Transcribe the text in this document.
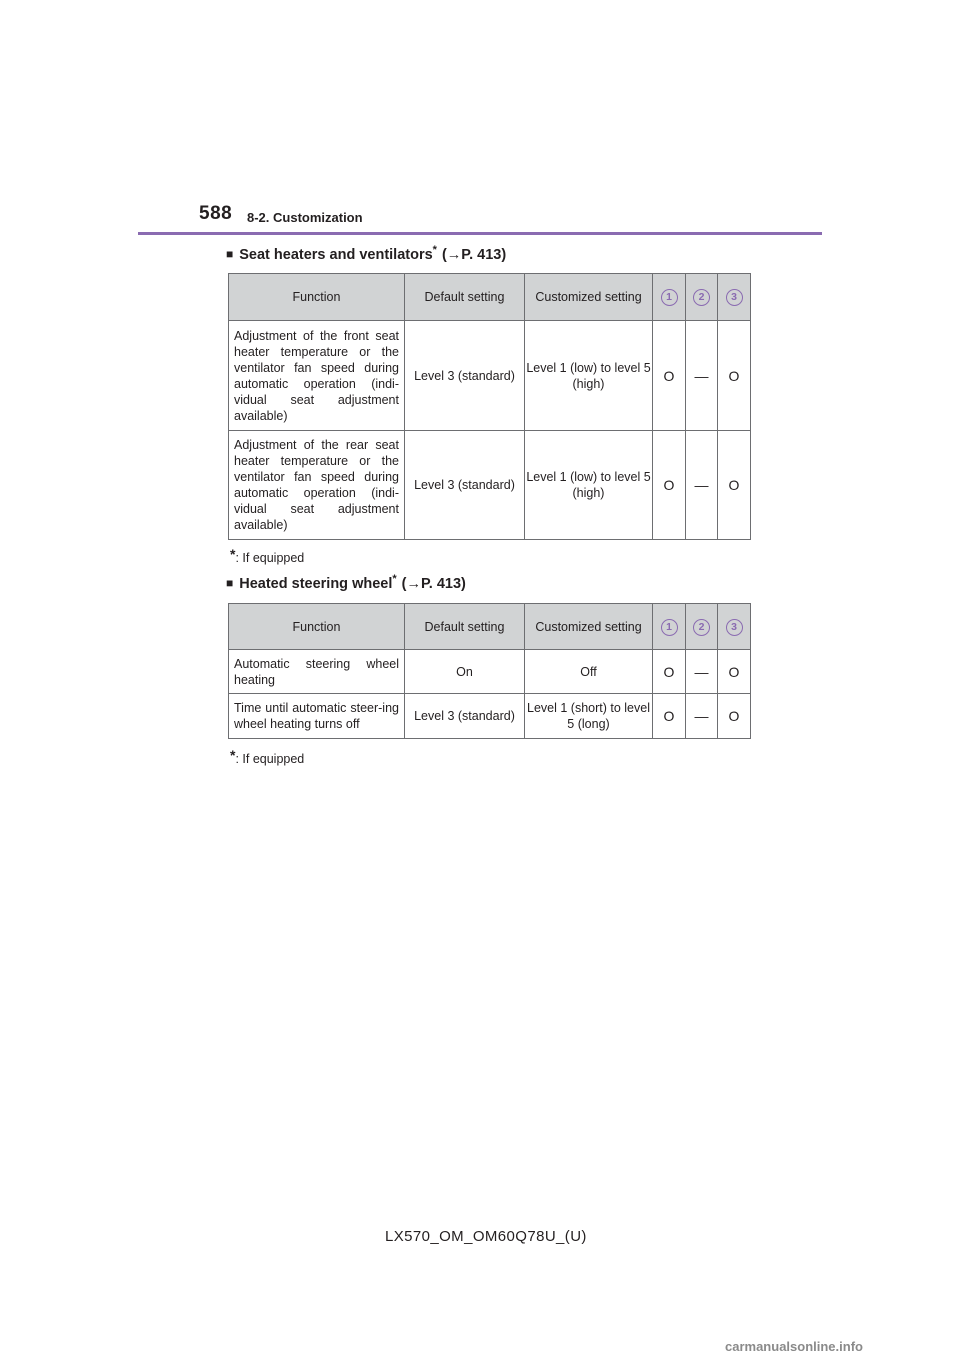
588 8-2. Customization
■ Seat heaters and ventilators* (→P. 413)
Function	Default setting	Customized setting	1	2	3
Adjustment of the front seat heater temperature or the ventilator fan speed during automatic operation (indi-vidual seat adjustment available)	Level 3 (standard)	Level 1 (low) to level 5 (high)	O	—	O
Adjustment of the rear seat heater temperature or the ventilator fan speed during automatic operation (indi-vidual seat adjustment available)	Level 3 (standard)	Level 1 (low) to level 5 (high)	O	—	O
*: If equipped
■ Heated steering wheel* (→P. 413)
Function	Default setting	Customized setting	1	2	3
Automatic steering wheel heating	On	Off	O	—	O
Time until automatic steer-ing wheel heating turns off	Level 3 (standard)	Level 1 (short) to level 5 (long)	O	—	O
*: If equipped
LX570_OM_OM60Q78U_(U)
carmanualsonline.info
